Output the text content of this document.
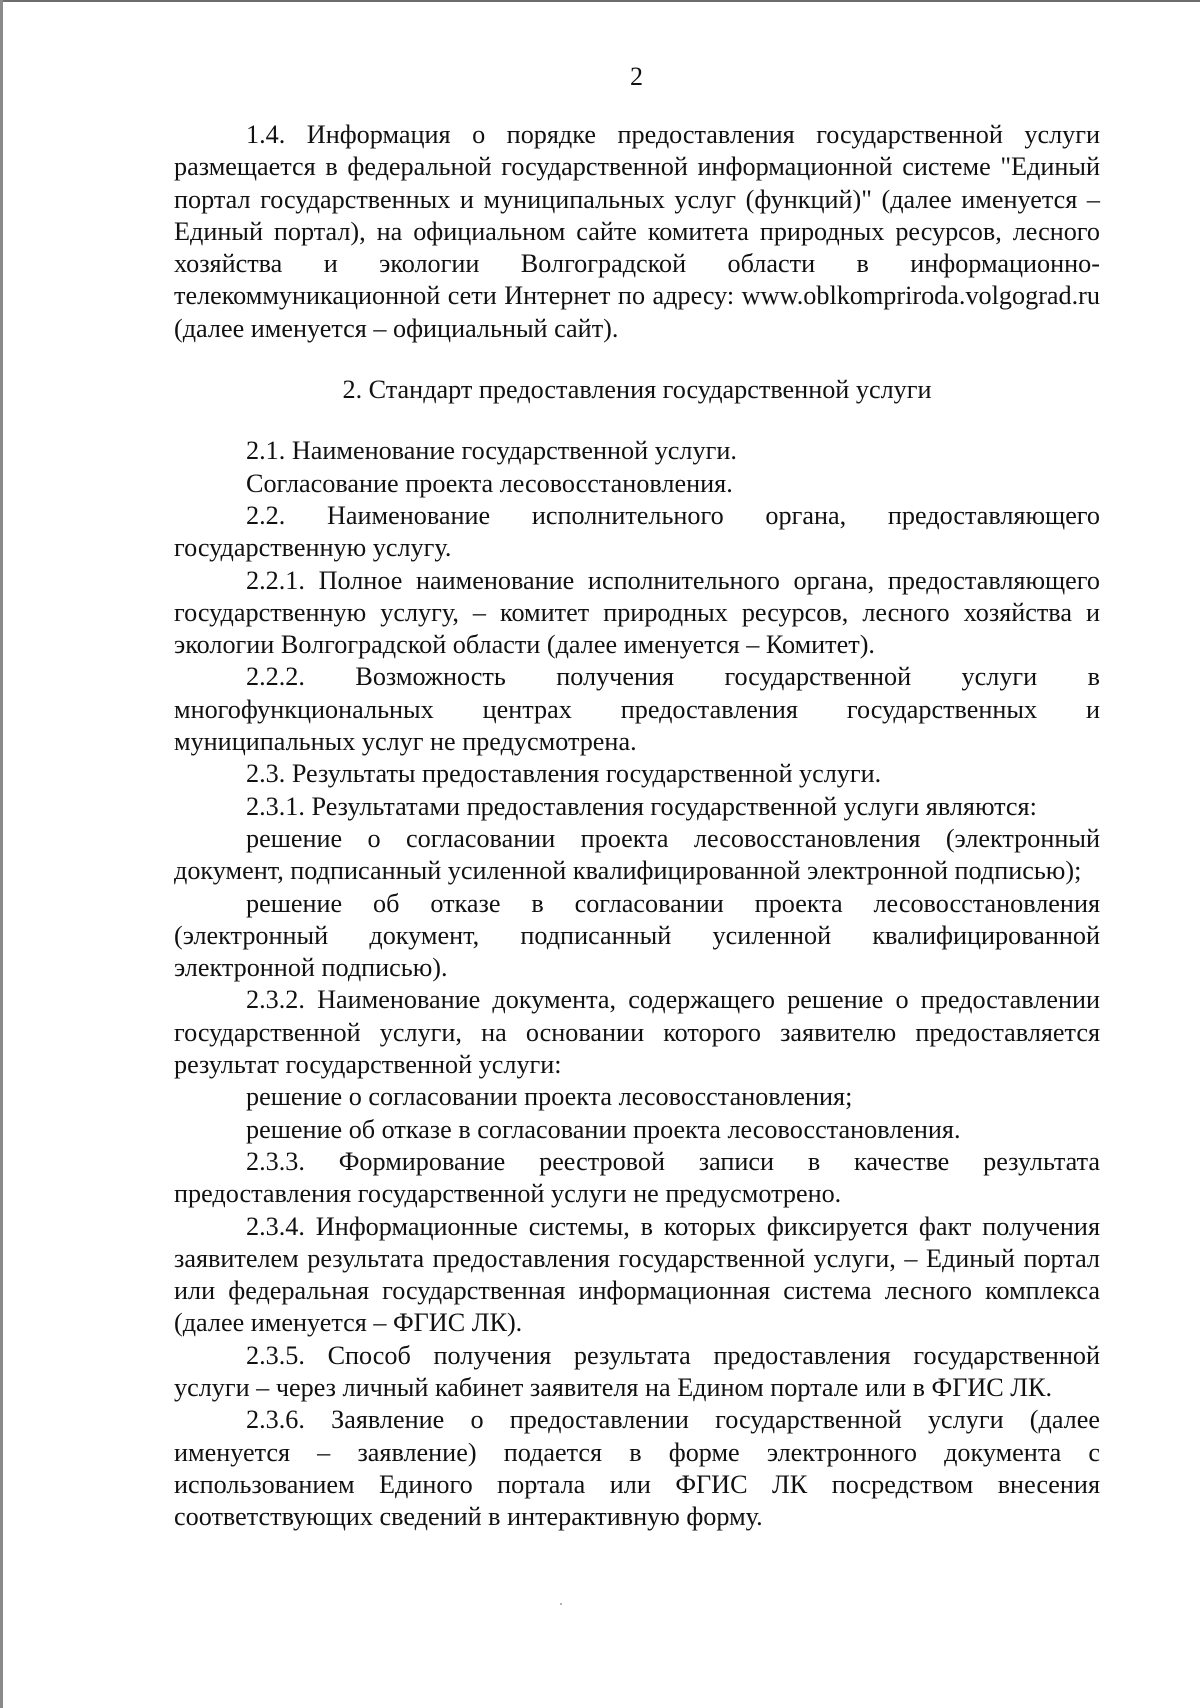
2

1.4. Информация о порядке предоставления государственной услуги размещается в федеральной государственной информационной системе "Единый портал государственных и муниципальных услуг (функций)" (далее именуется – Единый портал), на официальном сайте комитета природных ресурсов, лесного хозяйства и экологии Волгоградской области в информационно-телекоммуникационной сети Интернет по адресу: www.oblkompriroda.volgograd.ru (далее именуется – официальный сайт).

2. Стандарт предоставления государственной услуги

2.1. Наименование государственной услуги.

Согласование проекта лесовосстановления.

2.2. Наименование исполнительного органа, предоставляющего государственную услугу.

2.2.1. Полное наименование исполнительного органа, предоставляющего государственную услугу, – комитет природных ресурсов, лесного хозяйства и экологии Волгоградской области (далее именуется – Комитет).

2.2.2. Возможность получения государственной услуги в многофункциональных центрах предоставления государственных и муниципальных услуг не предусмотрена.

2.3. Результаты предоставления государственной услуги.

2.3.1. Результатами предоставления государственной услуги являются:

решение о согласовании проекта лесовосстановления (электронный документ, подписанный усиленной квалифицированной электронной подписью);

решение об отказе в согласовании проекта лесовосстановления (электронный документ, подписанный усиленной квалифицированной электронной подписью).

2.3.2. Наименование документа, содержащего решение о предоставлении государственной услуги, на основании которого заявителю предоставляется результат государственной услуги:

решение о согласовании проекта лесовосстановления;

решение об отказе в согласовании проекта лесовосстановления.

2.3.3. Формирование реестровой записи в качестве результата предоставления государственной услуги не предусмотрено.

2.3.4. Информационные системы, в которых фиксируется факт получения заявителем результата предоставления государственной услуги, – Единый портал или федеральная государственная информационная система лесного комплекса (далее именуется – ФГИС ЛК).

2.3.5. Способ получения результата предоставления государственной услуги – через личный кабинет заявителя на Едином портале или в ФГИС ЛК.

2.3.6. Заявление о предоставлении государственной услуги (далее именуется – заявление) подается в форме электронного документа с использованием Единого портала или ФГИС ЛК посредством внесения соответствующих сведений в интерактивную форму.
